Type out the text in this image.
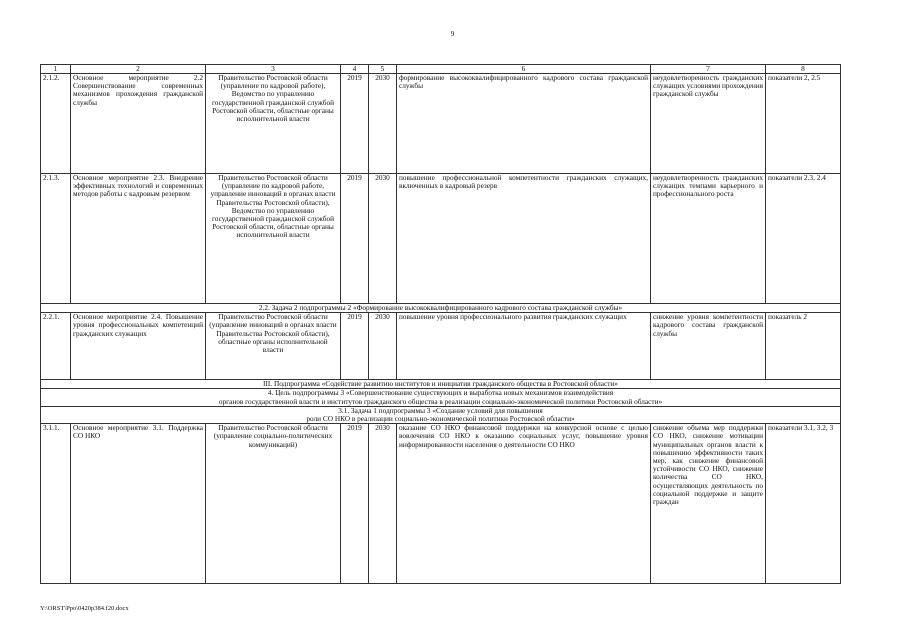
9
1	2	3	4	5	6	7	8
2.1.2.	Основное мероприятие 2.2 Совершенствование современных механизмов прохождения гражданской службы	Правительство Ростовской области (управление по кадровой работе), Ведомство по управлению государственной гражданской службой Ростовской области, областные органы исполнительной власти	2019	2030	формирование высококвалифицированного кадрового состава гражданской службы	неудовлетворенность гражданских служащих условиями прохождения гражданской службы	показатели 2, 2.5
2.1.3.	Основное мероприятие 2.3. Внедрение эффективных технологий и современных методов работы с кадровым резервом	Правительство Ростовской области (управление по кадровой работе, управление инноваций в органах власти Правительства Ростовской области), Ведомство по управлению государственной гражданской службой Ростовской области, областные органы исполнительной власти	2019	2030	повышение профессиональной компетентности гражданских служащих, включенных в кадровый резерв	неудовлетворенность гражданских служащих темпами карьерного и профессионального роста	показатели 2.3, 2.4
2.2. Задача 2 подпрограммы 2 «Формирование высококвалифицированного кадрового состава гражданской службы»							
2.2.1.	Основное мероприятие 2.4. Повышение уровня профессиональных компетенций гражданских служащих	Правительство Ростовской области (управление инноваций в органах власти Правительства Ростовской области), областные органы исполнительной власти	2019	2030	повышение уровня профессионального развития гражданских служащих	снижение уровня компетентности кадрового состава гражданской службы	показатель 2
III. Подпрограмма «Содействие развитию институтов и инициатив гражданского общества в Ростовской области»							

4. Цель подпрограммы 3 «Совершенствование существующих и выработка новых механизмов взаимодействия
органов государственной власти и институтов гражданского общества в реализации социально-экономической политики Ростовской области»							

3.1. Задача 1 подпрограммы 3 «Создание условий для повышения
роли СО НКО в реализации социально-экономической политики Ростовской области»							

3.1.1.	Основное мероприятие 3.1. Поддержка СО НКО	Правительство Ростовской области (управление социально-политических коммуникаций)	2019	2030	оказание СО НКО финансовой поддержки на конкурсной основе с целью вовлечения СО НКО к оказанию социальных услуг, повышение уровня информированности населения о деятельности СО НКО	снижение объема мер поддержки СО НКО, снижение мотивации муниципальных органов власти к повышению эффективности таких мер, как снижение финансовой устойчивости СО НКО, снижение количества СО НКО, осуществляющих деятельность по социальной поддержке и защите граждан	показатели 3.1, 3.2, 3
Y:\ORST\Ppo\0420p384.f20.docx
